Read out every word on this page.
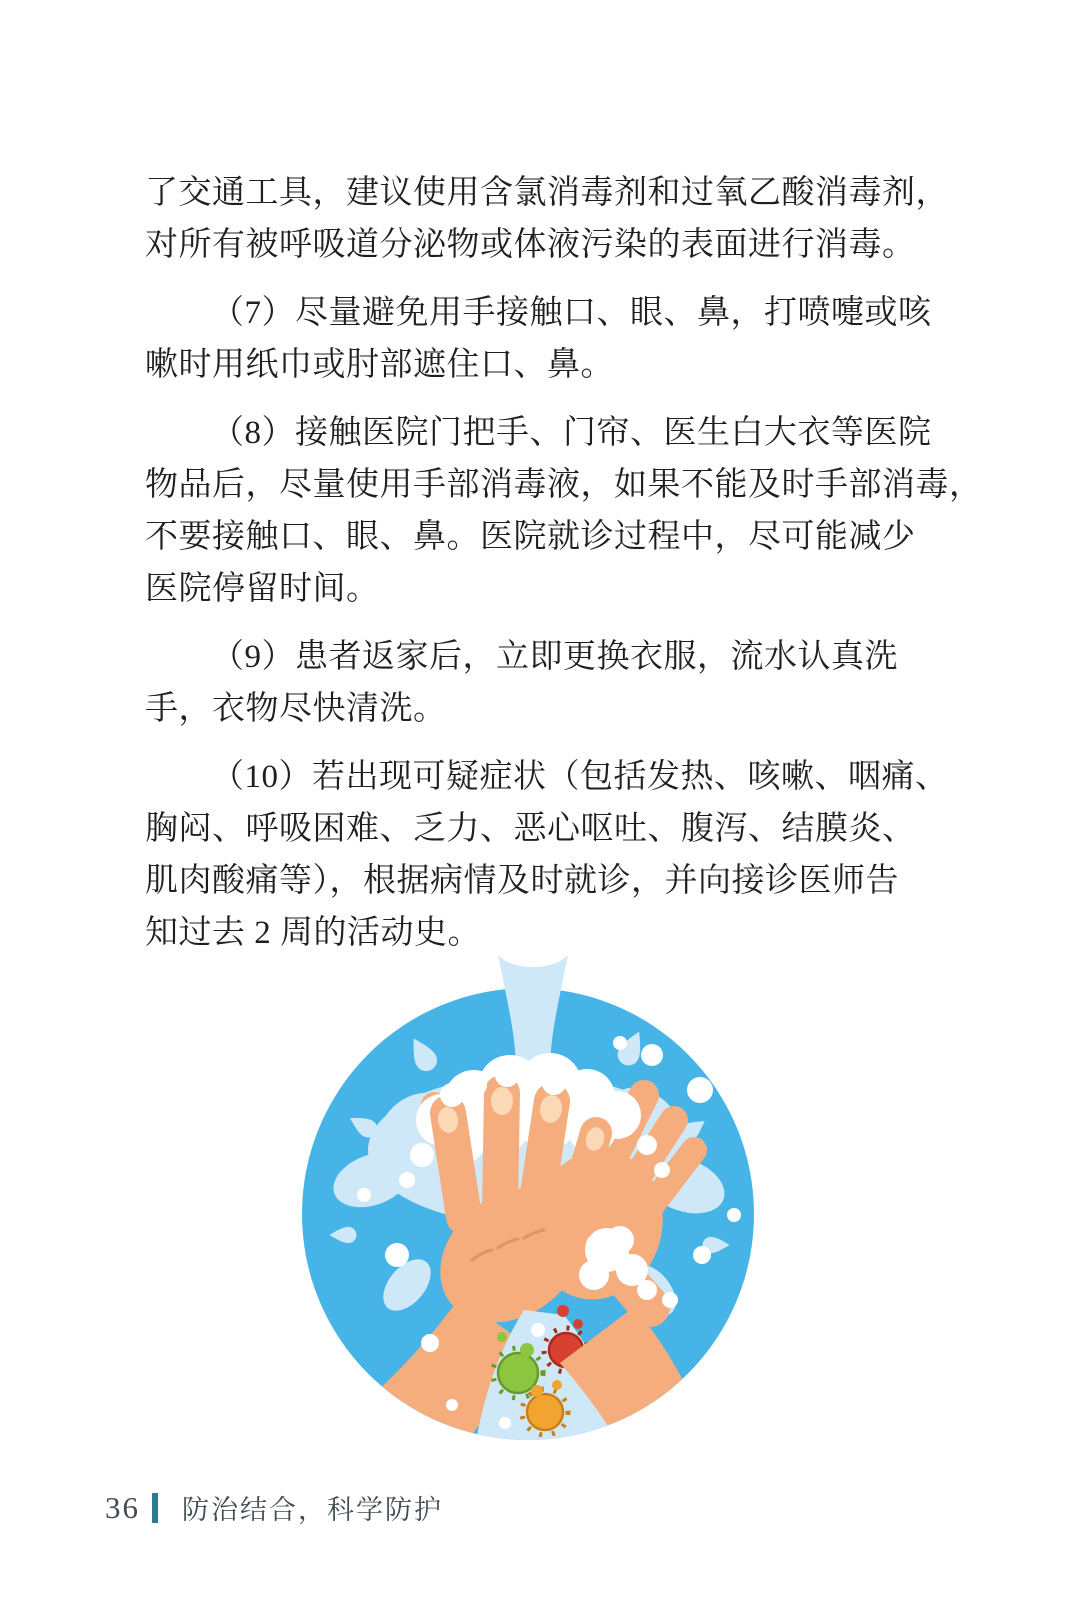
了交通工具，建议使用含氯消毒剂和过氧乙酸消毒剂，
对所有被呼吸道分泌物或体液污染的表面进行消毒。
（7）尽量避免用手接触口、眼、鼻，打喷嚏或咳
嗽时用纸巾或肘部遮住口、鼻。
（8）接触医院门把手、门帘、医生白大衣等医院
物品后，尽量使用手部消毒液，如果不能及时手部消毒，
不要接触口、眼、鼻。医院就诊过程中，尽可能减少
医院停留时间。
（9）患者返家后，立即更换衣服，流水认真洗
手，衣物尽快清洗。
（10）若出现可疑症状（包括发热、咳嗽、咽痛、
胸闷、呼吸困难、乏力、恶心呕吐、腹泻、结膜炎、
肌肉酸痛等），根据病情及时就诊，并向接诊医师告
知过去 2 周的活动史。
36 防治结合，科学防护
